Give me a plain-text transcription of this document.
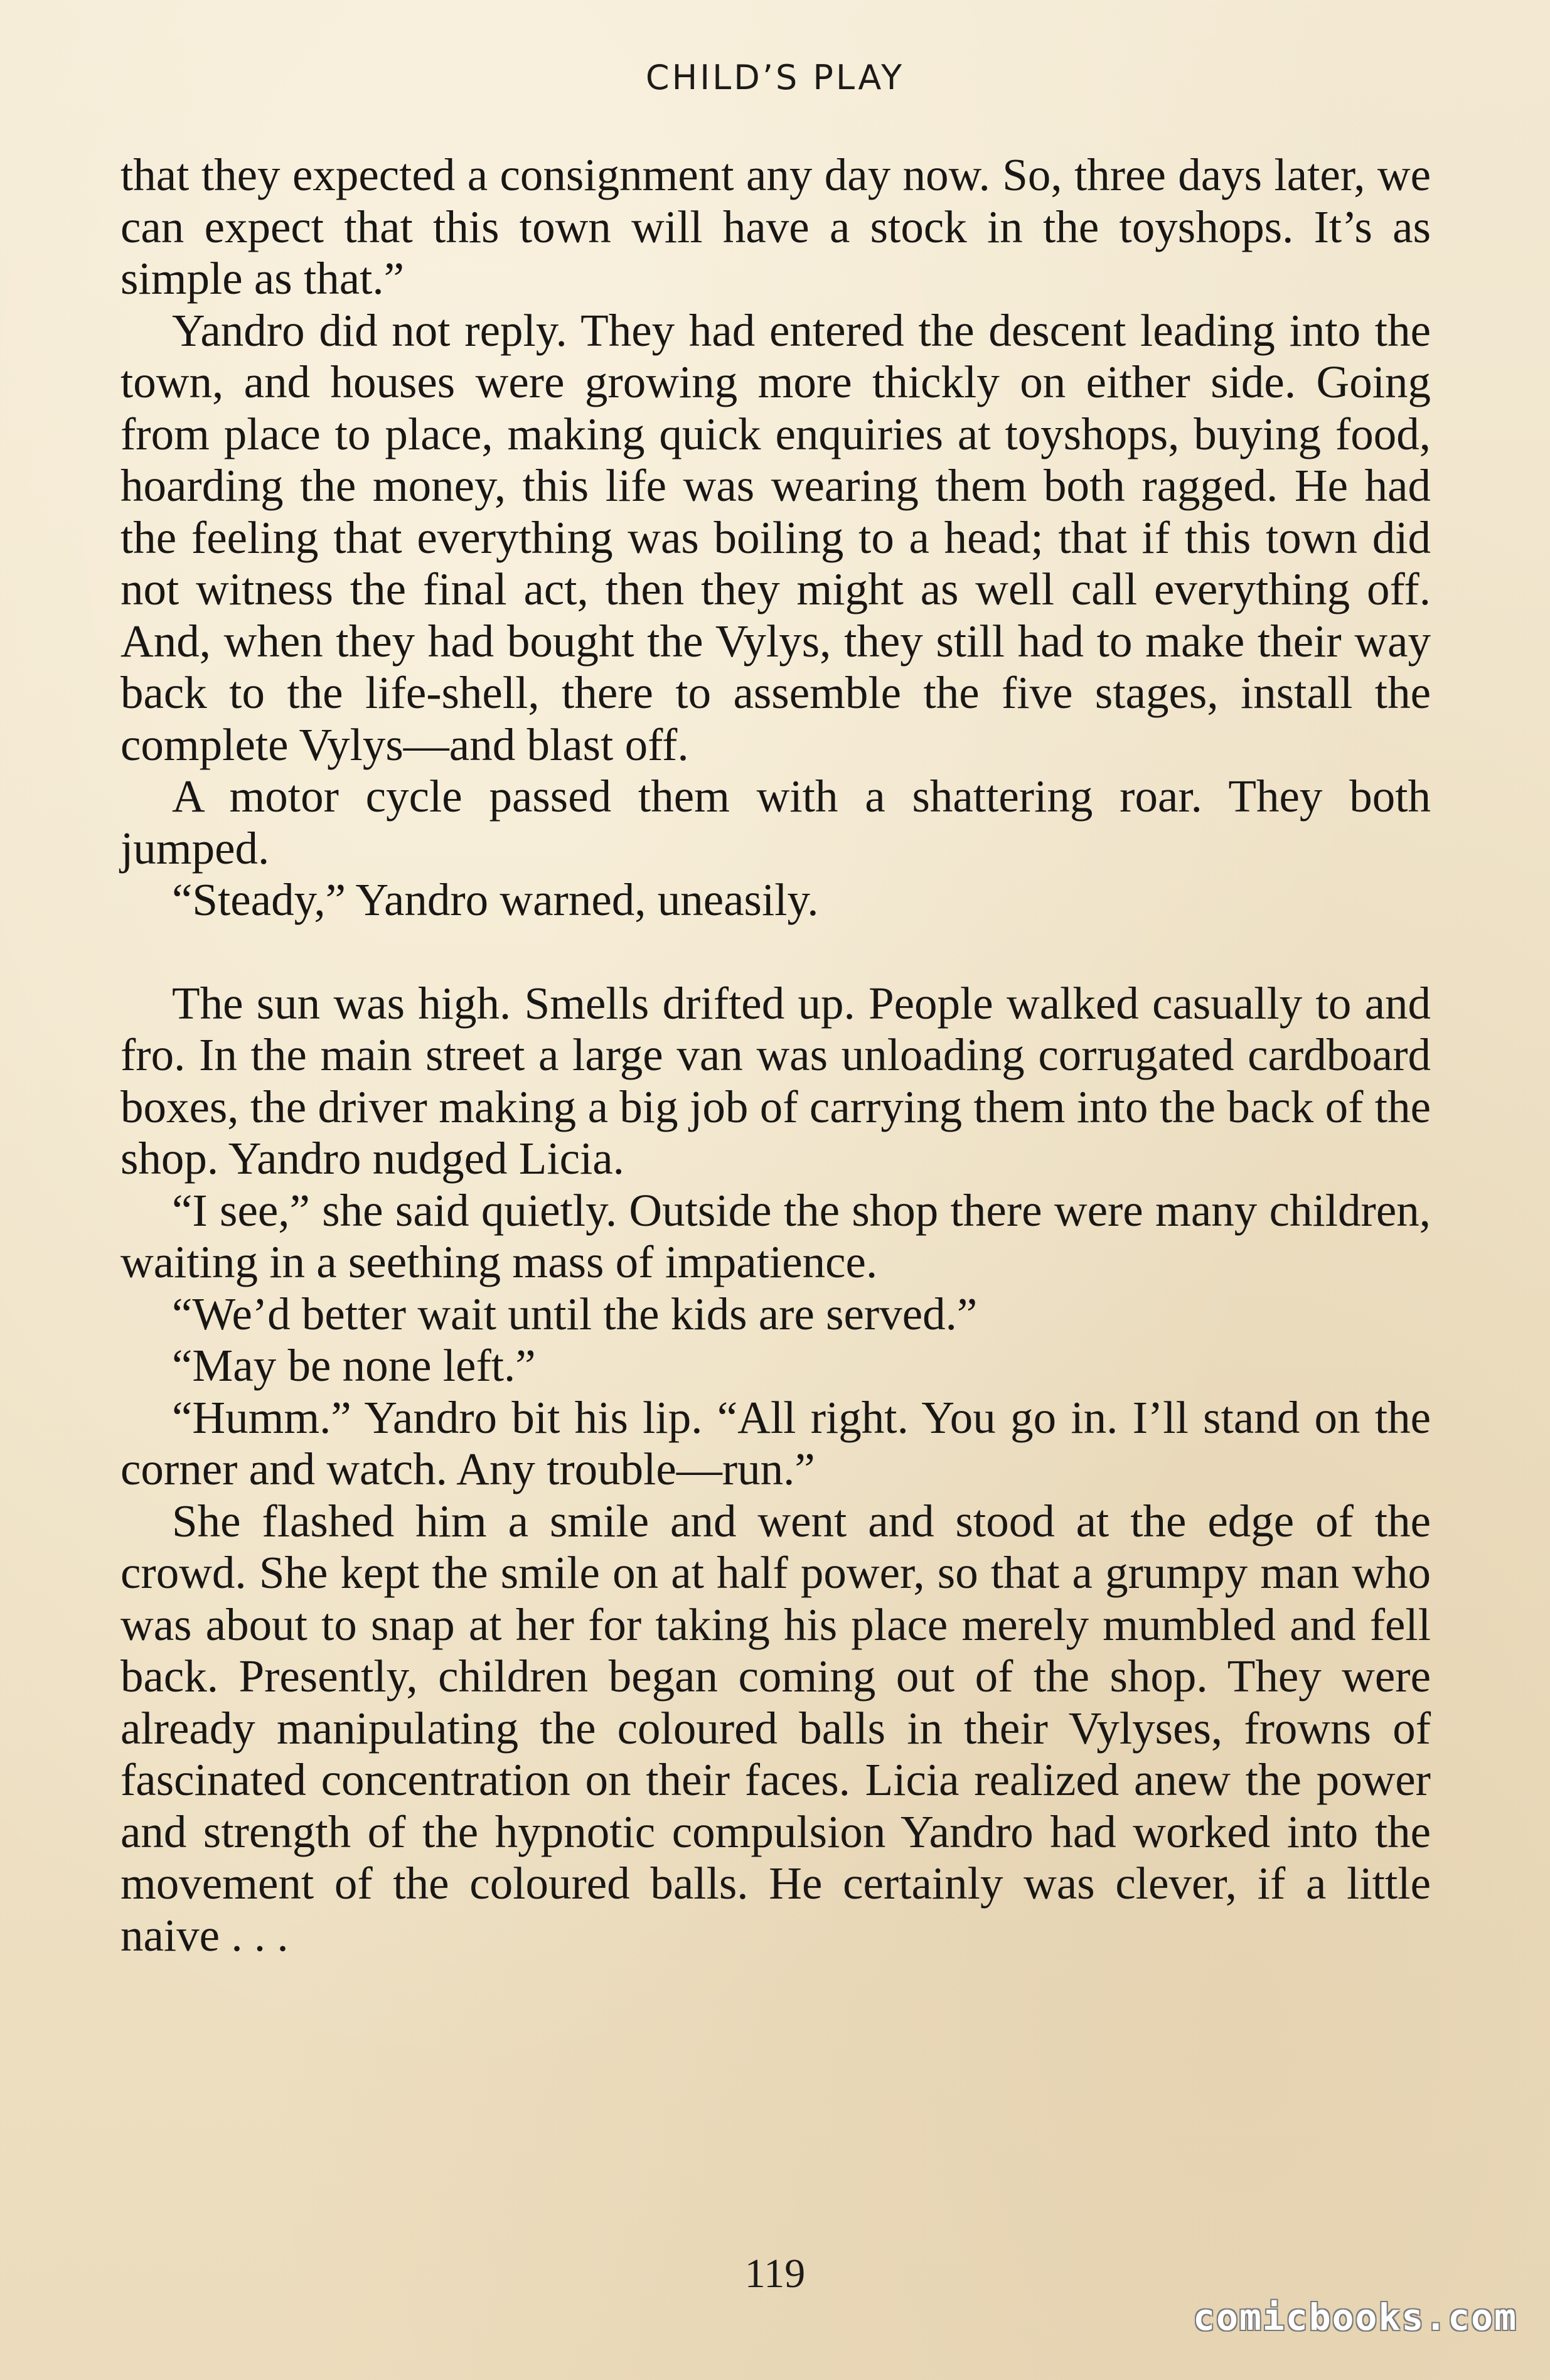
CHILD’S PLAY

that they expected a consignment any day now. So, three days later, we can expect that this town will have a stock in the toyshops. It’s as simple as that.”

Yandro did not reply. They had entered the descent leading into the town, and houses were growing more thickly on either side. Going from place to place, making quick enquiries at toyshops, buying food, hoarding the money, this life was wearing them both ragged. He had the feeling that everything was boiling to a head; that if this town did not witness the final act, then they might as well call everything off. And, when they had bought the Vylys, they still had to make their way back to the life-shell, there to assemble the five stages, install the complete Vylys—and blast off.

A motor cycle passed them with a shattering roar. They both jumped.

“Steady,” Yandro warned, uneasily.

The sun was high. Smells drifted up. People walked casually to and fro. In the main street a large van was unloading corrugated cardboard boxes, the driver making a big job of carrying them into the back of the shop. Yandro nudged Licia.

“I see,” she said quietly. Outside the shop there were many children, waiting in a seething mass of impatience.

“We’d better wait until the kids are served.”

“May be none left.”

“Humm.” Yandro bit his lip. “All right. You go in. I’ll stand on the corner and watch. Any trouble—run.”

She flashed him a smile and went and stood at the edge of the crowd. She kept the smile on at half power, so that a grumpy man who was about to snap at her for taking his place merely mumbled and fell back. Presently, children began coming out of the shop. They were already manipulating the coloured balls in their Vylyses, frowns of fascinated concentration on their faces. Licia realized anew the power and strength of the hypnotic compulsion Yandro had worked into the movement of the coloured balls. He certainly was clever, if a little naive . . .

119
comicbooks.com
